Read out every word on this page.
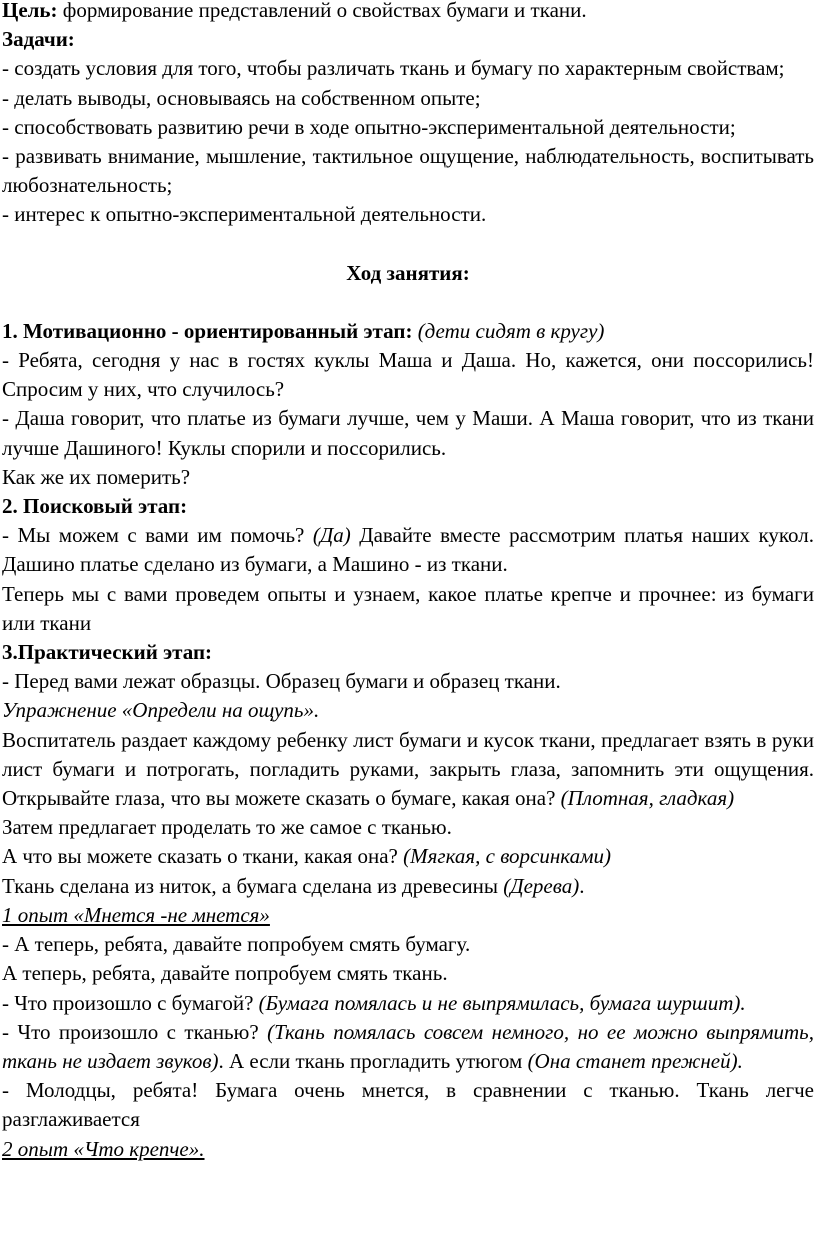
Цель: формирование представлений о свойствах бумаги и ткани.

Задачи:

- создать условия для того, чтобы различать ткань и бумагу по характерным свойствам;

- делать выводы, основываясь на собственном опыте;

- способствовать развитию речи в ходе опытно-экспериментальной деятельности;

- развивать внимание, мышление, тактильное ощущение, наблюдательность, воспитывать любознательность;

- интерес к опытно-экспериментальной деятельности.

Ход занятия:

1. Мотивационно - ориентированный этап: (дети сидят в кругу)

- Ребята, сегодня у нас в гостях куклы Маша и Даша. Но, кажется, они поссорились! Спросим у них, что случилось?

- Даша говорит, что платье из бумаги лучше, чем у Маши. А Маша говорит, что из ткани лучше Дашиного! Куклы спорили и поссорились.

Как же их померить?

2. Поисковый этап:

- Мы можем с вами им помочь? (Да) Давайте вместе рассмотрим платья наших кукол. Дашино платье сделано из бумаги, а Машино - из ткани.

Теперь мы с вами проведем опыты и узнаем, какое платье крепче и прочнее: из бумаги или ткани

3.Практический этап:

- Перед вами лежат образцы. Образец бумаги и образец ткани.

Упражнение «Определи на ощупь».

Воспитатель раздает каждому ребенку лист бумаги и кусок ткани, предлагает взять в руки лист бумаги и потрогать, погладить руками, закрыть глаза, запомнить эти ощущения. Открывайте глаза, что вы можете сказать о бумаге, какая она? (Плотная, гладкая)

Затем предлагает проделать то же самое с тканью.

А что вы можете сказать о ткани, какая она? (Мягкая, с ворсинками)

Ткань сделана из ниток, а бумага сделана из древесины (Дерева).

1 опыт «Мнется -не мнется»

- А теперь, ребята, давайте попробуем смять бумагу.

А теперь, ребята, давайте попробуем смять ткань.

- Что произошло с бумагой? (Бумага помялась и не выпрямилась, бумага шуршит).

- Что произошло с тканью? (Ткань помялась совсем немного, но ее можно выпрямить, ткань не издает звуков). А если ткань прогладить утюгом (Она станет прежней).

- Молодцы, ребята! Бумага очень мнется, в сравнении с тканью. Ткань легче разглаживается

2 опыт «Что крепче».
